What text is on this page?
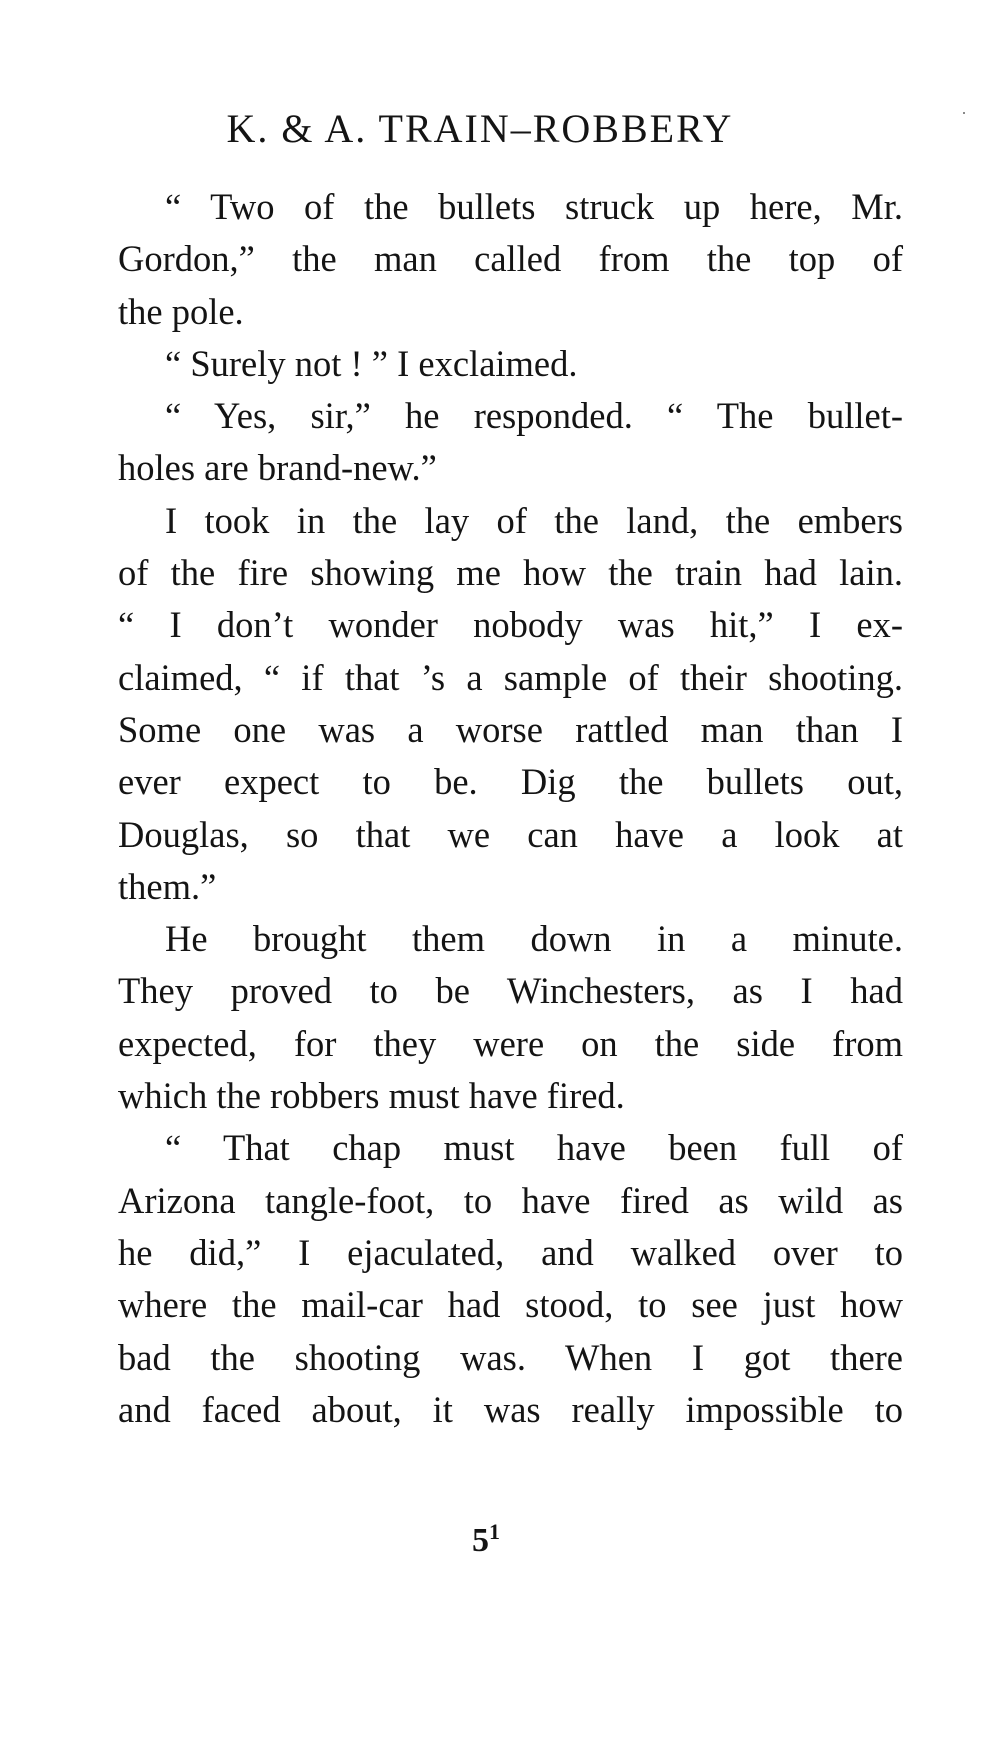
K. & A. TRAIN–ROBBERY
“ Two of the bullets struck up here, Mr.
Gordon,” the man called from the top of
the pole.
“ Surely not ! ” I exclaimed.
“ Yes, sir,” he responded. “ The bullet-
holes are brand-new.”
I took in the lay of the land, the embers
of the fire showing me how the train had lain.
“ I don’t wonder nobody was hit,” I ex-
claimed, “ if that ’s a sample of their shooting.
Some one was a worse rattled man than I
ever expect to be. Dig the bullets out,
Douglas, so that we can have a look at
them.”
He brought them down in a minute.
They proved to be Winchesters, as I had
expected, for they were on the side from
which the robbers must have fired.
“ That chap must have been full of
Arizona tangle-foot, to have fired as wild as
he did,” I ejaculated, and walked over to
where the mail-car had stood, to see just how
bad the shooting was. When I got there
and faced about, it was really impossible to
$5^1$
